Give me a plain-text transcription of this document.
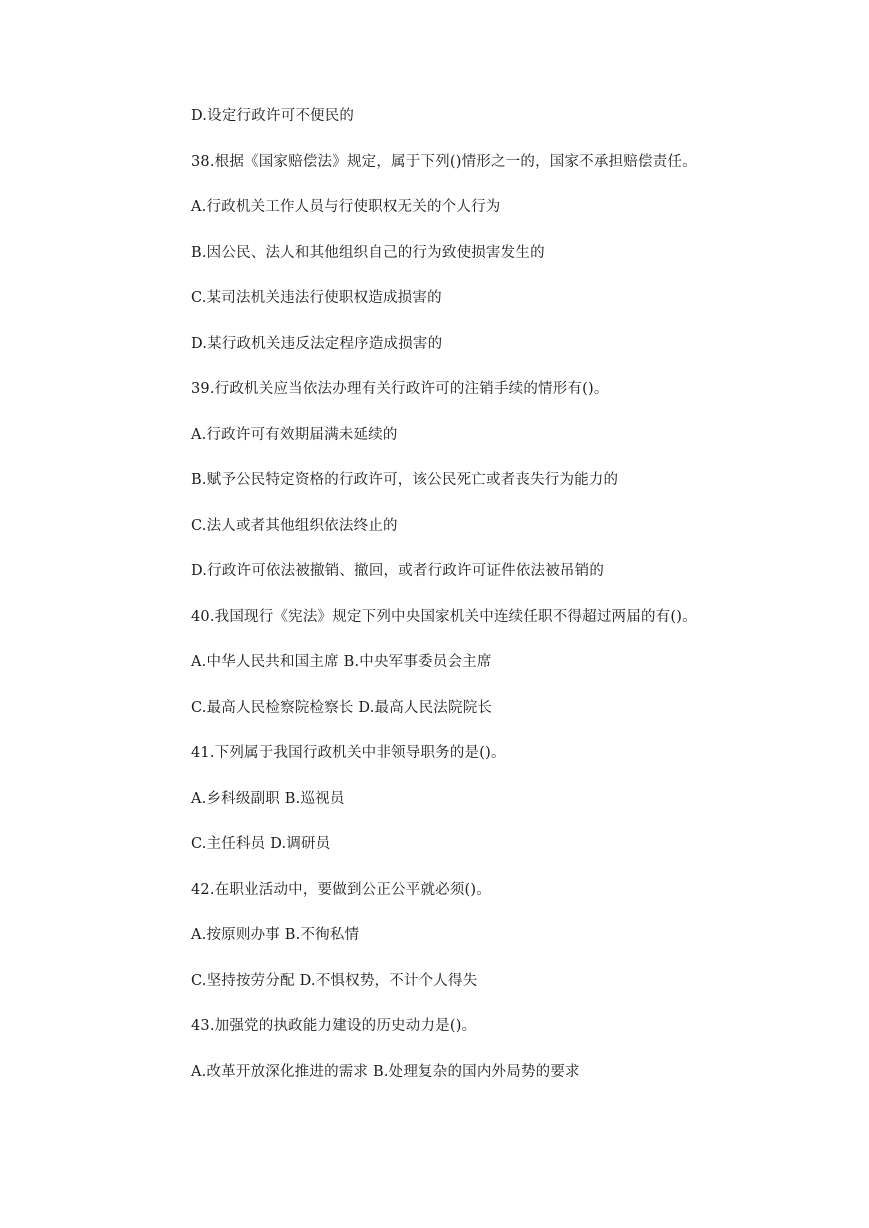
D.设定行政许可不便民的
38.根据《国家赔偿法》规定，属于下列()情形之一的，国家不承担赔偿责任。
A.行政机关工作人员与行使职权无关的个人行为
B.因公民、法人和其他组织自己的行为致使损害发生的
C.某司法机关违法行使职权造成损害的
D.某行政机关违反法定程序造成损害的
39.行政机关应当依法办理有关行政许可的注销手续的情形有()。
A.行政许可有效期届满未延续的
B.赋予公民特定资格的行政许可，该公民死亡或者丧失行为能力的
C.法人或者其他组织依法终止的
D.行政许可依法被撤销、撤回，或者行政许可证件依法被吊销的
40.我国现行《宪法》规定下列中央国家机关中连续任职不得超过两届的有()。
A.中华人民共和国主席 B.中央军事委员会主席
C.最高人民检察院检察长 D.最高人民法院院长
41.下列属于我国行政机关中非领导职务的是()。
A.乡科级副职 B.巡视员
C.主任科员 D.调研员
42.在职业活动中，要做到公正公平就必须()。
A.按原则办事 B.不徇私情
C.坚持按劳分配 D.不惧权势，不计个人得失
43.加强党的执政能力建设的历史动力是()。
A.改革开放深化推进的需求 B.处理复杂的国内外局势的要求
